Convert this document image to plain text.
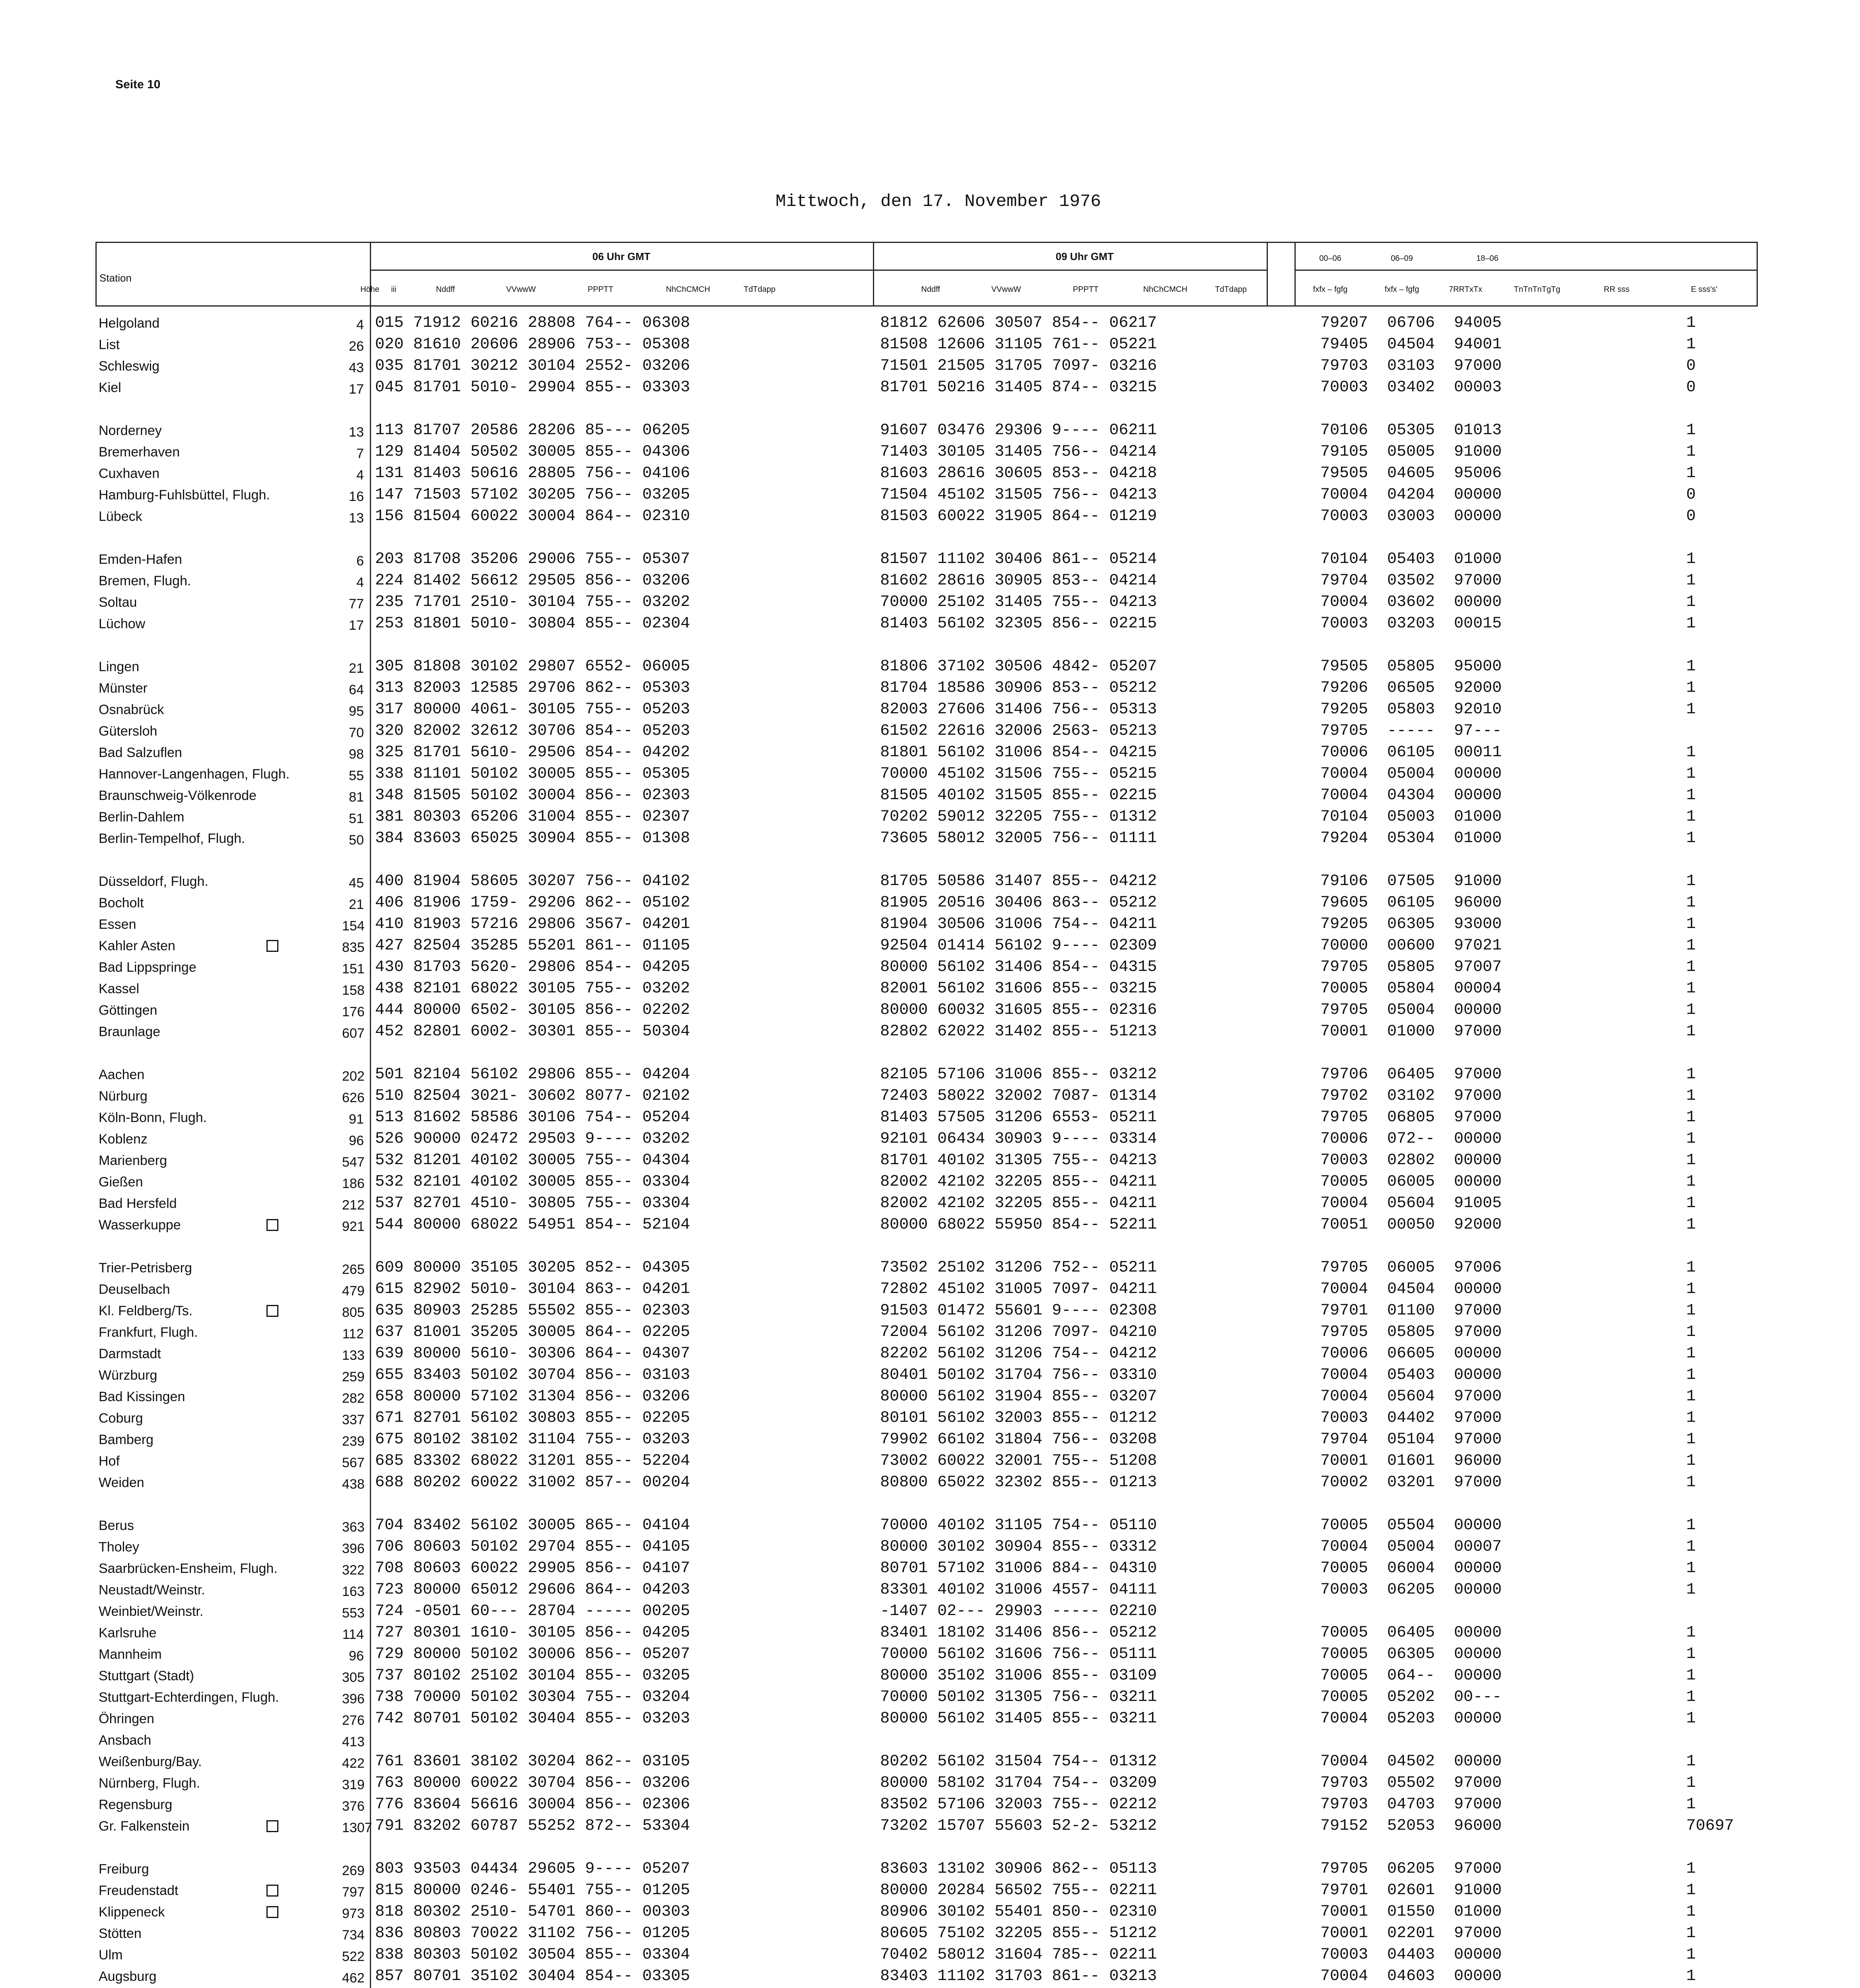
Seite 10
Mittwoch, den 17. November 1976
Station
Höhe	iii
06 Uhr GMT	09 Uhr GMT
Nddff	VVwwW	PPPTT	NhChCMCH	TdTdapp	Nddff	VVwwW	PPPTT	NhChCMCH	TdTdapp
00–06	06–09	18–06
fxfx – fgfg	fxfx – fgfg	7RRTxTx	TnTnTnTgTg	RR sss	E sss's'
Helgoland	4 015 71912 60216 28808 764-- 06308	81812 62606 30507 854-- 06217	79207  06706  94005	1
List	26 020 81610 20606 28906 753-- 05308	81508 12606 31105 761-- 05221	79405  04504  94001	1
Schleswig	43 035 81701 30212 30104 2552- 03206	71501 21505 31705 7097- 03216	79703  03103  97000	0
Kiel	17 045 81701 5010- 29904 855-- 03303	81701 50216 31405 874-- 03215	70003  03402  00003	0
Norderney	13 113 81707 20586 28206 85--- 06205	91607 03476 29306 9---- 06211	70106  05305  01013	1
Bremerhaven	7 129 81404 50502 30005 855-- 04306	71403 30105 31405 756-- 04214	79105  05005  91000	1
Cuxhaven	4 131 81403 50616 28805 756-- 04106	81603 28616 30605 853-- 04218	79505  04605  95006	1
Hamburg-Fuhlsbüttel, Flugh.	16 147 71503 57102 30205 756-- 03205	71504 45102 31505 756-- 04213	70004  04204  00000	0
Lübeck	13 156 81504 60022 30004 864-- 02310	81503 60022 31905 864-- 01219	70003  03003  00000	0
Emden-Hafen	6 203 81708 35206 29006 755-- 05307	81507 11102 30406 861-- 05214	70104  05403  01000	1
Bremen, Flugh.	4 224 81402 56612 29505 856-- 03206	81602 28616 30905 853-- 04214	79704  03502  97000	1
Soltau	77 235 71701 2510- 30104 755-- 03202	70000 25102 31405 755-- 04213	70004  03602  00000	1
Lüchow	17 253 81801 5010- 30804 855-- 02304	81403 56102 32305 856-- 02215	70003  03203  00015	1
Lingen	21 305 81808 30102 29807 6552- 06005	81806 37102 30506 4842- 05207	79505  05805  95000	1
Münster	64 313 82003 12585 29706 862-- 05303	81704 18586 30906 853-- 05212	79206  06505  92000	1
Osnabrück	95 317 80000 4061- 30105 755-- 05203	82003 27606 31406 756-- 05313	79205  05803  92010	1
Gütersloh	70 320 82002 32612 30706 854-- 05203	61502 22616 32006 2563- 05213	79705  -----  97---
Bad Salzuflen	98 325 81701 5610- 29506 854-- 04202	81801 56102 31006 854-- 04215	70006  06105  00011	1
Hannover-Langenhagen, Flugh.	55 338 81101 50102 30005 855-- 05305	70000 45102 31506 755-- 05215	70004  05004  00000	1
Braunschweig-Völkenrode	81 348 81505 50102 30004 856-- 02303	81505 40102 31505 855-- 02215	70004  04304  00000	1
Berlin-Dahlem	51 381 80303 65206 31004 855-- 02307	70202 59012 32205 755-- 01312	70104  05003  01000	1
Berlin-Tempelhof, Flugh.	50 384 83603 65025 30904 855-- 01308	73605 58012 32005 756-- 01111	79204  05304  01000	1
Düsseldorf, Flugh.	45 400 81904 58605 30207 756-- 04102	81705 50586 31407 855-- 04212	79106  07505  91000	1
Bocholt	21 406 81906 1759- 29206 862-- 05102	81905 20516 30406 863-- 05212	79605  06105  96000	1
Essen	154 410 81903 57216 29806 3567- 04201	81904 30506 31006 754-- 04211	79205  06305  93000	1
Kahler Asten	835 427 82504 35285 55201 861-- 01105	92504 01414 56102 9---- 02309	70000  00600  97021	1
Bad Lippspringe	151 430 81703 5620- 29806 854-- 04205	80000 56102 31406 854-- 04315	79705  05805  97007	1
Kassel	158 438 82101 68022 30105 755-- 03202	82001 56102 31606 855-- 03215	70005  05804  00004	1
Göttingen	176 444 80000 6502- 30105 856-- 02202	80000 60032 31605 855-- 02316	79705  05004  00000	1
Braunlage	607 452 82801 6002- 30301 855-- 50304	82802 62022 31402 855-- 51213	70001  01000  97000	1
Aachen	202 501 82104 56102 29806 855-- 04204	82105 57106 31006 855-- 03212	79706  06405  97000	1
Nürburg	626 510 82504 3021- 30602 8077- 02102	72403 58022 32002 7087- 01314	79702  03102  97000	1
Köln-Bonn, Flugh.	91 513 81602 58586 30106 754-- 05204	81403 57505 31206 6553- 05211	79705  06805  97000	1
Koblenz	96 526 90000 02472 29503 9---- 03202	92101 06434 30903 9---- 03314	70006  072--  00000	1
Marienberg	547 532 81201 40102 30005 755-- 04304	81701 40102 31305 755-- 04213	70003  02802  00000	1
Gießen	186 532 82101 40102 30005 855-- 03304	82002 42102 32205 855-- 04211	70005  06005  00000	1
Bad Hersfeld	212 537 82701 4510- 30805 755-- 03304	82002 42102 32205 855-- 04211	70004  05604  91005	1
Wasserkuppe	921 544 80000 68022 54951 854-- 52104	80000 68022 55950 854-- 52211	70051  00050  92000	1
Trier-Petrisberg	265 609 80000 35105 30205 852-- 04305	73502 25102 31206 752-- 05211	79705  06005  97006	1
Deuselbach	479 615 82902 5010- 30104 863-- 04201	72802 45102 31005 7097- 04211	70004  04504  00000	1
Kl. Feldberg/Ts.	805 635 80903 25285 55502 855-- 02303	91503 01472 55601 9---- 02308	79701  01100  97000	1
Frankfurt, Flugh.	112 637 81001 35205 30005 864-- 02205	72004 56102 31206 7097- 04210	79705  05805  97000	1
Darmstadt	133 639 80000 5610- 30306 864-- 04307	82202 56102 31206 754-- 04212	70006  06605  00000	1
Würzburg	259 655 83403 50102 30704 856-- 03103	80401 50102 31704 756-- 03310	70004  05403  00000	1
Bad Kissingen	282 658 80000 57102 31304 856-- 03206	80000 56102 31904 855-- 03207	70004  05604  97000	1
Coburg	337 671 82701 56102 30803 855-- 02205	80101 56102 32003 855-- 01212	70003  04402  97000	1
Bamberg	239 675 80102 38102 31104 755-- 03203	79902 66102 31804 756-- 03208	79704  05104  97000	1
Hof	567 685 83302 68022 31201 855-- 52204	73002 60022 32001 755-- 51208	70001  01601  96000	1
Weiden	438 688 80202 60022 31002 857-- 00204	80800 65022 32302 855-- 01213	70002  03201  97000	1
Berus	363 704 83402 56102 30005 865-- 04104	70000 40102 31105 754-- 05110	70005  05504  00000	1
Tholey	396 706 80603 50102 29704 855-- 04105	80000 30102 30904 855-- 03312	70004  05004  00007	1
Saarbrücken-Ensheim, Flugh.	322 708 80603 60022 29905 856-- 04107	80701 57102 31006 884-- 04310	70005  06004  00000	1
Neustadt/Weinstr.	163 723 80000 65012 29606 864-- 04203	83301 40102 31006 4557- 04111	70003  06205  00000	1
Weinbiet/Weinstr.	553 724 -0501 60--- 28704 ----- 00205	-1407 02--- 29903 ----- 02210
Karlsruhe	114 727 80301 1610- 30105 856-- 04205	83401 18102 31406 856-- 05212	70005  06405  00000	1
Mannheim	96 729 80000 50102 30006 856-- 05207	70000 56102 31606 756-- 05111	70005  06305  00000	1
Stuttgart (Stadt)	305 737 80102 25102 30104 855-- 03205	80000 35102 31006 855-- 03109	70005  064--  00000	1
Stuttgart-Echterdingen, Flugh.	396 738 70000 50102 30304 755-- 03204	70000 50102 31305 756-- 03211	70005  05202  00---	1
Öhringen	276 742 80701 50102 30404 855-- 03203	80000 56102 31405 855-- 03211	70004  05203  00000	1
Ansbach	413
Weißenburg/Bay.	422 761 83601 38102 30204 862-- 03105	80202 56102 31504 754-- 01312	70004  04502  00000	1
Nürnberg, Flugh.	319 763 80000 60022 30704 856-- 03206	80000 58102 31704 754-- 03209	79703  05502  97000	1
Regensburg	376 776 83604 56616 30004 856-- 02306	83502 57106 32003 755-- 02212	79703  04703  97000	1
Gr. Falkenstein	1307 791 83202 60787 55252 872-- 53304	73202 15707 55603 52-2- 53212	79152  52053  96000	70697
Freiburg	269 803 93503 04434 29605 9---- 05207	83603 13102 30906 862-- 05113	79705  06205  97000	1
Freudenstadt	797 815 80000 0246- 55401 755-- 01205	80000 20284 56502 755-- 02211	79701  02601  91000	1
Klippeneck	973 818 80302 2510- 54701 860-- 00303	80906 30102 55401 850-- 02310	70001  01550  01000	1
Stötten	734 836 80803 70022 31102 756-- 01205	80605 75102 32205 855-- 51212	70001  02201  97000	1
Ulm	522 838 80303 50102 30504 855-- 03304	70402 58012 31604 785-- 02211	70003  04403  00000	1
Augsburg	462 857 80701 35102 30404 854-- 03305	83403 11102 31703 861-- 03213	70004  04603  00000	1
